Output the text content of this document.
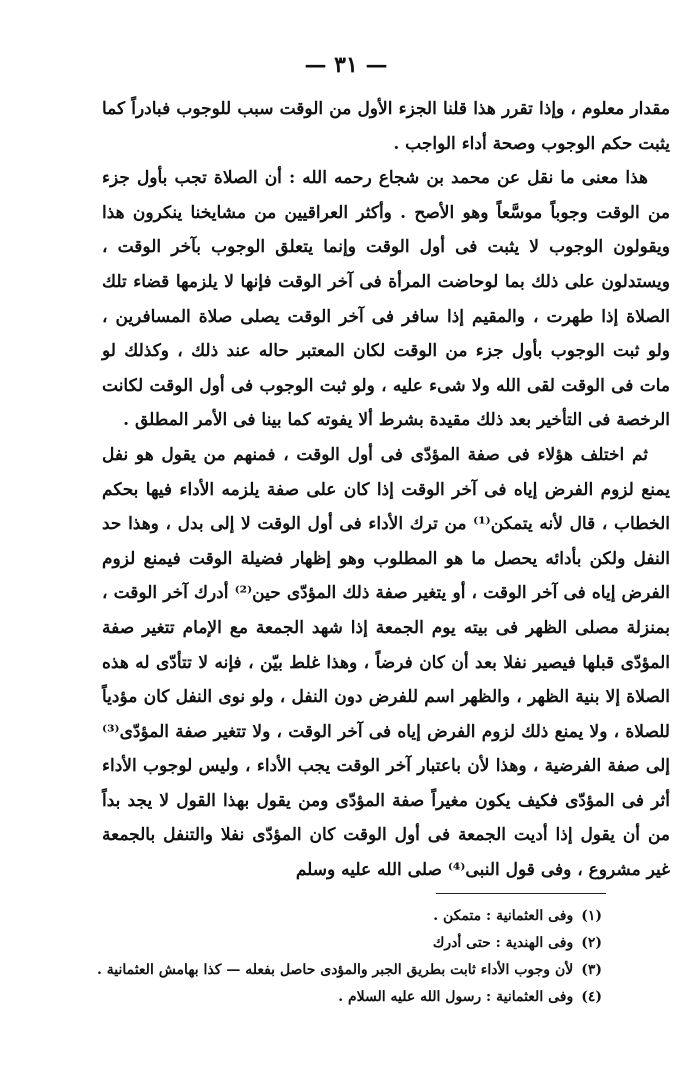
— ٣١ —

مقدار معلوم ، وإذا تقرر هذا قلنا الجزء الأول من الوقت سبب للوجوب فبادراً كما يثبت حكم الوجوب وصحة أداء الواجب .

هذا معنى ما نقل عن محمد بن شجاع رحمه الله : أن الصلاة تجب بأول جزء من الوقت وجوباً موسَّعاً وهو الأصح . وأكثر العراقيين من مشايخنا ينكرون هذا ويقولون الوجوب لا يثبت فى أول الوقت وإنما يتعلق الوجوب بآخر الوقت ، ويستدلون على ذلك بما لوحاضت المرأة فى آخر الوقت فإنها لا يلزمها قضاء تلك الصلاة إذا طهرت ، والمقيم إذا سافر فى آخر الوقت يصلى صلاة المسافرين ، ولو ثبت الوجوب بأول جزء من الوقت لكان المعتبر حاله عند ذلك ، وكذلك لو مات فى الوقت لقى الله ولا شىء عليه ، ولو ثبت الوجوب فى أول الوقت لكانت الرخصة فى التأخير بعد ذلك مقيدة بشرط ألا يفوته كما بينا فى الأمر المطلق .

ثم اختلف هؤلاء فى صفة المؤدّى فى أول الوقت ، فمنهم من يقول هو نفل يمنع لزوم الفرض إياه فى آخر الوقت إذا كان على صفة يلزمه الأداء فيها بحكم الخطاب ، قال لأنه يتمكن⁽¹⁾ من ترك الأداء فى أول الوقت لا إلى بدل ، وهذا حد النفل ولكن بأدائه يحصل ما هو المطلوب وهو إظهار فضيلة الوقت فيمنع لزوم الفرض إياه فى آخر الوقت ، أو يتغير صفة ذلك المؤدّى حين⁽²⁾ أدرك آخر الوقت ، بمنزلة مصلى الظهر فى بيته يوم الجمعة إذا شهد الجمعة مع الإمام تتغير صفة المؤدّى قبلها فيصير نفلا بعد أن كان فرضاً ، وهذا غلط بيّن ، فإنه لا تتأدّى له هذه الصلاة إلا بنية الظهر ، والظهر اسم للفرض دون النفل ، ولو نوى النفل كان مؤدياً للصلاة ، ولا يمنع ذلك لزوم الفرض إياه فى آخر الوقت ، ولا تتغير صفة المؤدّى⁽³⁾ إلى صفة الفرضية ، وهذا لأن باعتبار آخر الوقت يجب الأداء ، وليس لوجوب الأداء أثر فى المؤدّى فكيف يكون مغيراً صفة المؤدّى ومن يقول بهذا القول لا يجد بداً من أن يقول إذا أديت الجمعة فى أول الوقت كان المؤدّى نفلا والتنفل بالجمعة غير مشروع ، وفى قول النبى⁽⁴⁾ صلى الله عليه وسلم

(١)وفى العثمانية : متمكن .
(٢)وفى الهندية : حتى أدرك
(٣)لأن وجوب الأداء ثابت بطريق الجبر والمؤدى حاصل بفعله — كذا بهامش العثمانية .
(٤)وفى العثمانية : رسول الله عليه السلام .
